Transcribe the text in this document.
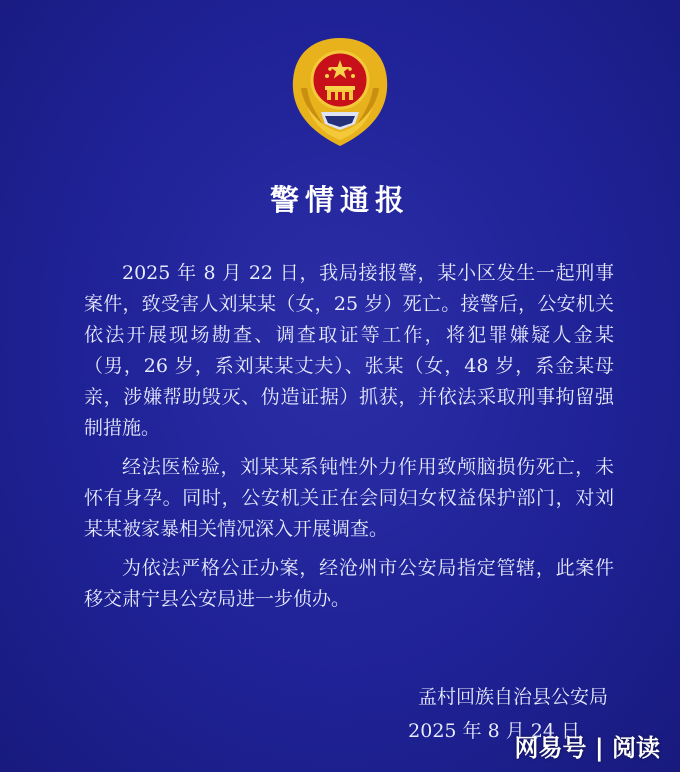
警情通报

2025 年 8 月 22 日，我局接报警，某小区发生一起刑事案件，致受害人刘某某（女，25 岁）死亡。接警后，公安机关依法开展现场勘查、调查取证等工作，将犯罪嫌疑人金某（男，26 岁，系刘某某丈夫）、张某（女，48 岁，系金某母亲，涉嫌帮助毁灭、伪造证据）抓获，并依法采取刑事拘留强制措施。

经法医检验，刘某某系钝性外力作用致颅脑损伤死亡，未怀有身孕。同时，公安机关正在会同妇女权益保护部门，对刘某某被家暴相关情况深入开展调查。

为依法严格公正办案，经沧州市公安局指定管辖，此案件移交肃宁县公安局进一步侦办。

孟村回族自治县公安局
2025 年 8 月 24 日
网易号 | 阅读
